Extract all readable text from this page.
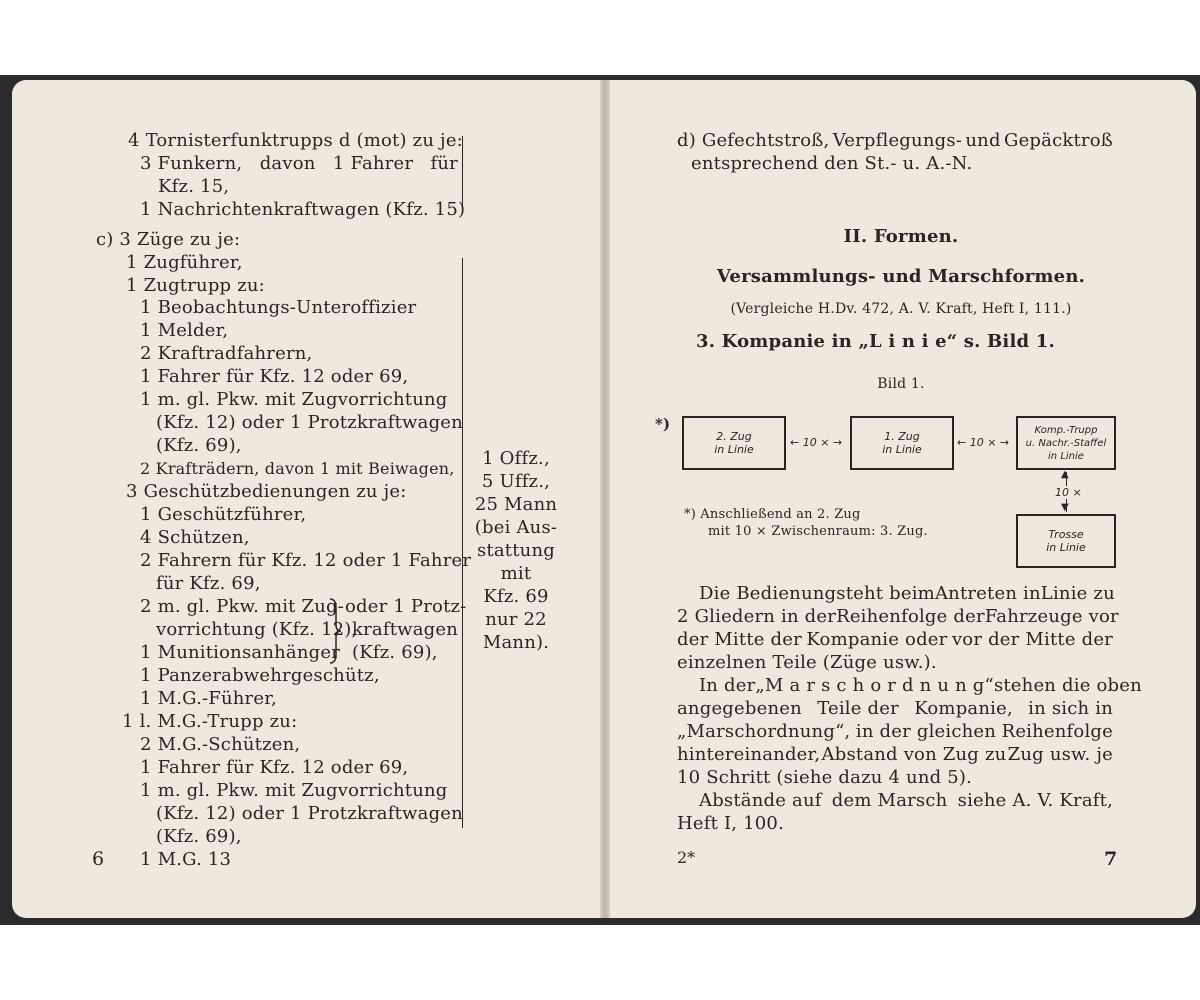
4 Tornisterfunktrupps d (mot) zu je:
3 Funkern, davon 1 Fahrer für
Kfz. 15,
1 Nachrichtenkraftwagen (Kfz. 15)
c) 3 Züge zu je:
1 Zugführer,
1 Zugtrupp zu:
1 Beobachtungs-Unteroffizier
1 Melder,
2 Kraftradfahrern,
1 Fahrer für Kfz. 12 oder 69,
1 m. gl. Pkw. mit Zugvorrichtung
(Kfz. 12) oder 1 Protzkraftwagen
(Kfz. 69),
2 Krafträdern, davon 1 mit Beiwagen,
3 Geschützbedienungen zu je:
1 Geschützführer,
4 Schützen,
2 Fahrern für Kfz. 12 oder 1 Fahrer
für Kfz. 69,
2 m. gl. Pkw. mit Zug-
vorrichtung (Kfz. 12),
1 Munitionsanhänger
1 Panzerabwehrgeschütz,
1 M.G.-Führer,
1 l. M.G.-Trupp zu:
2 M.G.-Schützen,
1 Fahrer für Kfz. 12 oder 69,
1 m. gl. Pkw. mit Zugvorrichtung
(Kfz. 12) oder 1 Protzkraftwagen
(Kfz. 69),
1 M.G. 13
oder 1 Protz-
kraftwagen
(Kfz. 69),
1 Offz.,
5 Uffz.,
25 Mann
(bei Aus-
stattung
mit
Kfz. 69
nur 22
Mann).
6
d) Gefechtstroß, Verpflegungs- und Gepäcktroß
entsprechend den St.- u. A.-N.
II. Formen.
Versammlungs- und Marschformen.
(Vergleiche H.Dv. 472, A. V. Kraft, Heft I, 111.)
3. Kompanie in „L i n i e“ s. Bild 1.
Bild 1.
*)
2. Zug
in Linie
← 10 × →	1. Zug
in Linie
← 10 × →
Komp.-Trupp
u. Nachr.-Staffel
in Linie
▲
▼
10 ×
Trosse
in Linie
*) Anschließend an 2. Zug
mit 10 × Zwischenraum: 3. Zug.
Die Bedienung steht beim Antreten in Linie zu
2 Gliedern in der Reihenfolge der Fahrzeuge vor
der Mitte der Kompanie oder vor der Mitte der
einzelnen Teile (Züge usw.).
In der „M a r s c h o r d n u n g“ stehen die oben
angegebenen Teile der Kompanie, in sich in
„Marschordnung“, in der gleichen Reihenfolge
hintereinander, Abstand von Zug zu Zug usw. je
10 Schritt (siehe dazu 4 und 5).
Abstände auf dem Marsch siehe A. V. Kraft,
Heft I, 100.
2*	7
